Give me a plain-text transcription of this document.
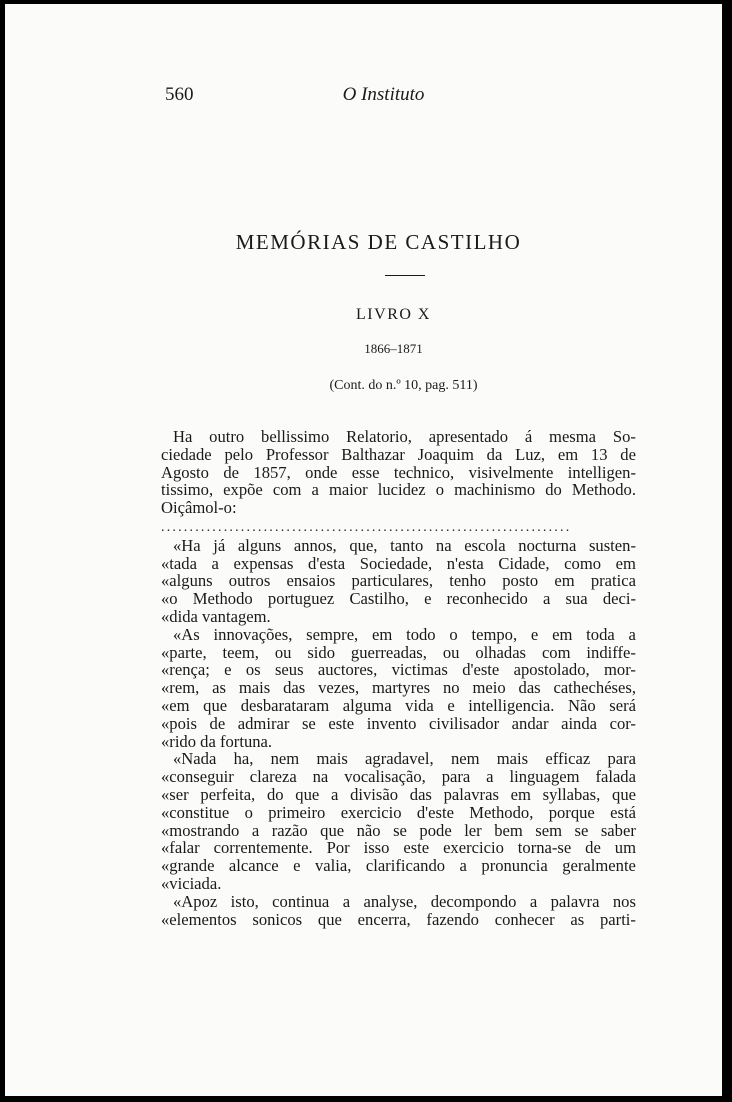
560	O Instituto
MEMÓRIAS DE CASTILHO
LIVRO X
1866–1871
(Cont. do n.º 10, pag. 511)
Ha outro bellissimo Relatorio, apresentado á mesma So-
ciedade pelo Professor Balthazar Joaquim da Luz, em 13 de
Agosto de 1857, onde esse technico, visivelmente intelligen-
tissimo, expõe com a maior lucidez o machinismo do Methodo.
Oiçâmol-o:
........................................................................
«Ha já alguns annos, que, tanto na escola nocturna susten-
«tada a expensas d'esta Sociedade, n'esta Cidade, como em
«alguns outros ensaios particulares, tenho posto em pratica
«o Methodo portuguez Castilho, e reconhecido a sua deci-
«dida vantagem.
«As innovações, sempre, em todo o tempo, e em toda a
«parte, teem, ou sido guerreadas, ou olhadas com indiffe-
«rença; e os seus auctores, victimas d'este apostolado, mor-
«rem, as mais das vezes, martyres no meio das cathechéses,
«em que desbarataram alguma vida e intelligencia. Não será
«pois de admirar se este invento civilisador andar ainda cor-
«rido da fortuna.
«Nada ha, nem mais agradavel, nem mais efficaz para
«conseguir clareza na vocalisação, para a linguagem falada
«ser perfeita, do que a divisão das palavras em syllabas, que
«constitue o primeiro exercicio d'este Methodo, porque está
«mostrando a razão que não se pode ler bem sem se saber
«falar correntemente. Por isso este exercicio torna-se de um
«grande alcance e valia, clarificando a pronuncia geralmente
«viciada.
«Apoz isto, continua a analyse, decompondo a palavra nos
«elementos sonicos que encerra, fazendo conhecer as parti-
